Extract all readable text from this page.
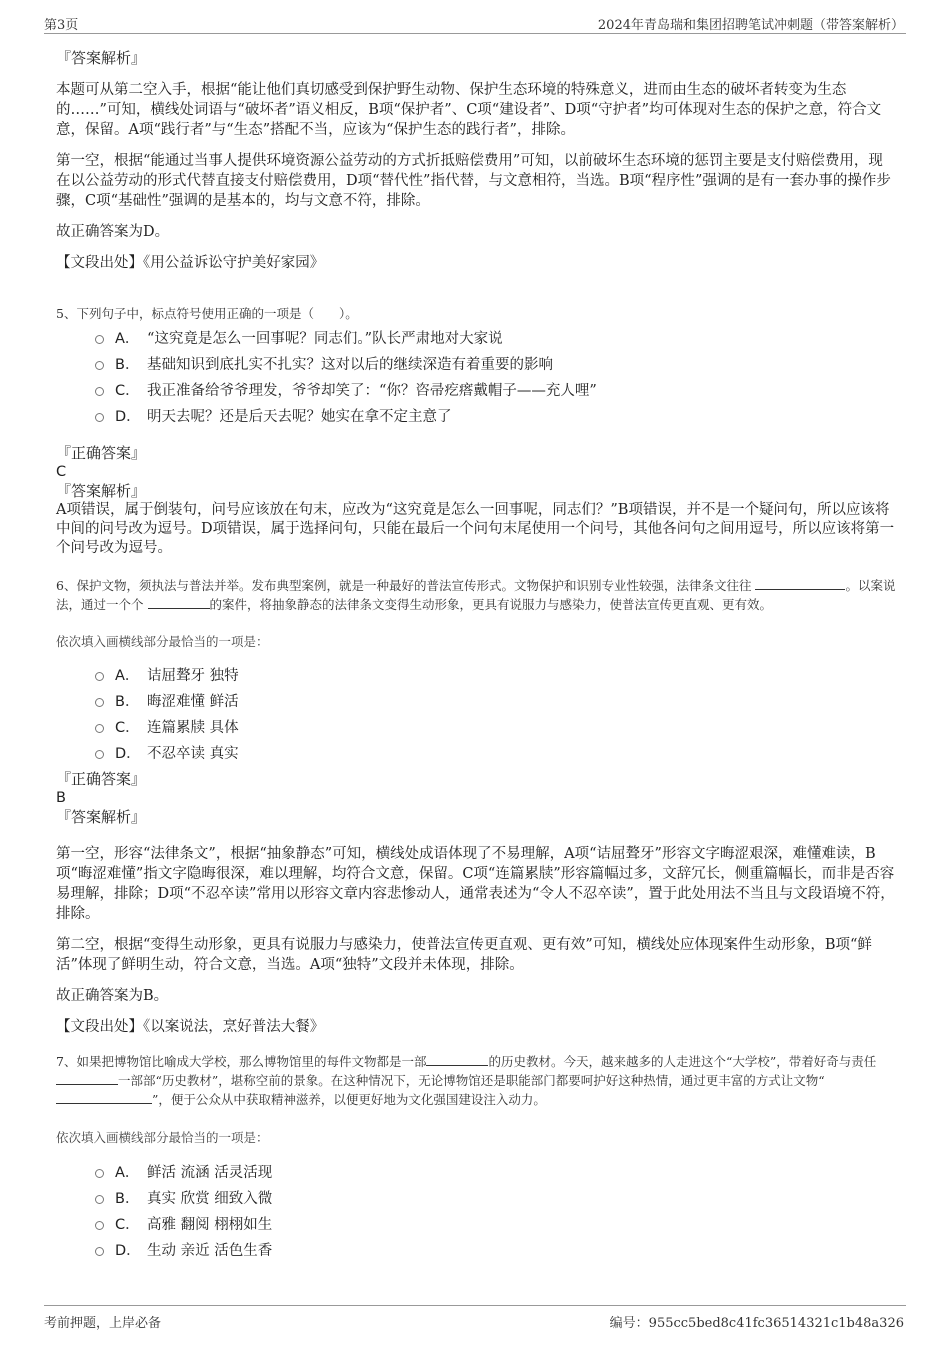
第3页	2024年青岛瑞和集团招聘笔试冲刺题（带答案解析）

『答案解析』

本题可从第二空入手，根据“能让他们真切感受到保护野生动物、保护生态环境的特殊意义，进而由生态的破坏者转变为生态的……”可知，横线处词语与“破坏者”语义相反，B项“保护者”、C项“建设者”、D项“守护者”均可体现对生态的保护之意，符合文意，保留。A项“践行者”与“生态”搭配不当，应该为“保护生态的践行者”，排除。

第一空，根据“能通过当事人提供环境资源公益劳动的方式折抵赔偿费用”可知，以前破坏生态环境的惩罚主要是支付赔偿费用，现在以公益劳动的形式代替直接支付赔偿费用，D项“替代性”指代替，与文意相符，当选。B项“程序性”强调的是有一套办事的操作步骤，C项“基础性”强调的是基本的，均与文意不符，排除。

故正确答案为D。

【文段出处】《用公益诉讼守护美好家园》

5、下列句子中，标点符号使用正确的一项是（　　）。
A． “这究竟是怎么一回事呢？同志们。”队长严肃地对大家说
B． 基础知识到底扎实不扎实？这对以后的继续深造有着重要的影响
C． 我正准备给爷爷理发，爷爷却笑了：“你？咨帚疙瘩戴帽子——充人哩”
D． 明天去呢？还是后天去呢？她实在拿不定主意了

『正确答案』

C

『答案解析』

A项错误，属于倒装句，问号应该放在句末，应改为“这究竟是怎么一回事呢，同志们？”B项错误，并不是一个疑问句，所以应该将中间的问号改为逗号。D项错误，属于选择问句，只能在最后一个问句末尾使用一个问号，其他各问句之间用逗号，所以应该将第一个问号改为逗号。

6、保护文物，须执法与普法并举。发布典型案例，就是一种最好的普法宣传形式。文物保护和识别专业性较强，法律条文往往	。以案说法，通过一个个	的案件，将抽象静态的法律条文变得生动形象，更具有说服力与感染力，使普法宣传更直观、更有效。
依次填入画横线部分最恰当的一项是：
A． 诘屈聱牙 独特
B． 晦涩难懂 鲜活
C． 连篇累牍 具体
D． 不忍卒读 真实

『正确答案』

B

『答案解析』

第一空，形容“法律条文”，根据“抽象静态”可知，横线处成语体现了不易理解，A项“诘屈聱牙”形容文字晦涩艰深，难懂难读，B项“晦涩难懂”指文字隐晦很深，难以理解，均符合文意，保留。C项“连篇累牍”形容篇幅过多，文辞冗长，侧重篇幅长，而非是否容易理解，排除；D项“不忍卒读”常用以形容文章内容悲惨动人，通常表述为“令人不忍卒读”，置于此处用法不当且与文段语境不符，排除。

第二空，根据“变得生动形象，更具有说服力与感染力，使普法宣传更直观、更有效”可知，横线处应体现案件生动形象，B项“鲜活”体现了鲜明生动，符合文意，当选。A项“独特”文段并未体现，排除。

故正确答案为B。

【文段出处】《以案说法，烹好普法大餐》

7、如果把博物馆比喻成大学校，那么博物馆里的每件文物都是一部	的历史教材。今天，越来越多的人走进这个“大学校”，带着好奇与责任 一部部“历史教材”，堪称空前的景象。在这种情况下，无论博物馆还是职能部门都要呵护好这种热情，通过更丰富的方式让文物“ ”，便于公众从中获取精神滋养，以便更好地为文化强国建设注入动力。
依次填入画横线部分最恰当的一项是：
A． 鲜活 流涵 活灵活现
B． 真实 欣赏 细致入微
C． 高雅 翻阅 栩栩如生
D． 生动 亲近 活色生香
考前押题，上岸必备	编号：955cc5bed8c41fc36514321c1b48a326
